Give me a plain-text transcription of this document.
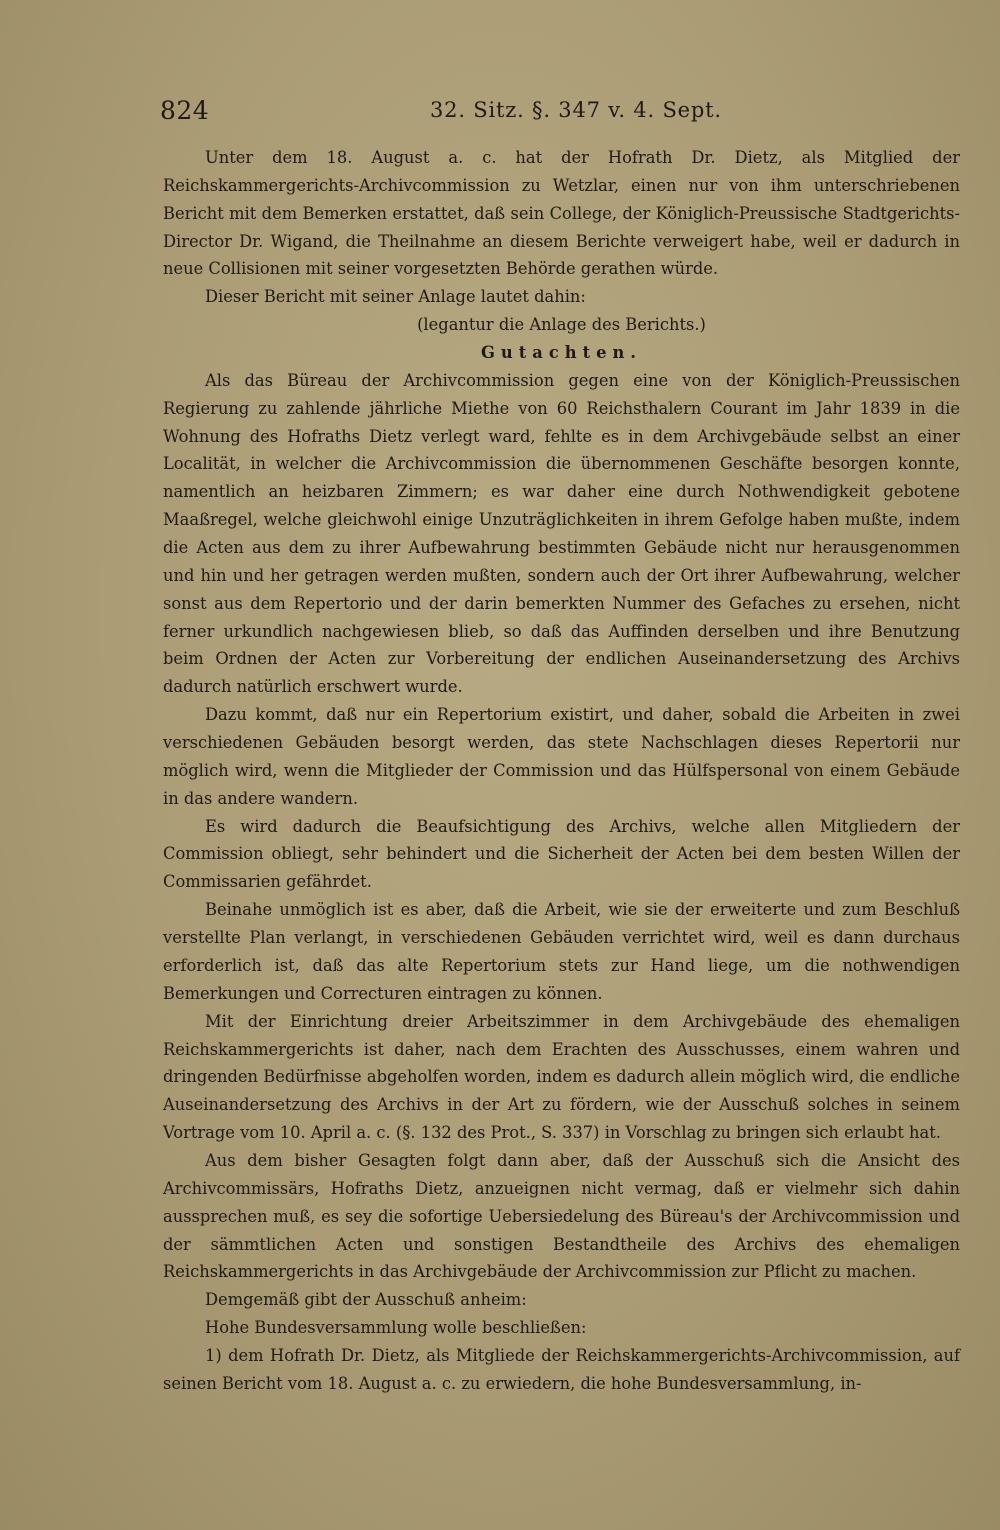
824	32. Sitz. §. 347 v. 4. Sept.

Unter dem 18. August a. c. hat der Hofrath Dr. Dietz, als Mitglied der Reichskammergerichts-Archivcommission zu Wetzlar, einen nur von ihm unterschriebenen Bericht mit dem Bemerken erstattet, daß sein College, der Königlich-Preussische Stadtgerichts-Director Dr. Wigand, die Theilnahme an diesem Berichte verweigert habe, weil er dadurch in neue Collisionen mit seiner vorgesetzten Behörde gerathen würde.

Dieser Bericht mit seiner Anlage lautet dahin:

(legantur die Anlage des Berichts.)

Gutachten.

Als das Büreau der Archivcommission gegen eine von der Königlich-Preussischen Regierung zu zahlende jährliche Miethe von 60 Reichsthalern Courant im Jahr 1839 in die Wohnung des Hofraths Dietz verlegt ward, fehlte es in dem Archivgebäude selbst an einer Localität, in welcher die Archivcommission die übernommenen Geschäfte besorgen konnte, namentlich an heizbaren Zimmern; es war daher eine durch Nothwendigkeit gebotene Maaßregel, welche gleichwohl einige Unzuträglichkeiten in ihrem Gefolge haben mußte, indem die Acten aus dem zu ihrer Aufbewahrung bestimmten Gebäude nicht nur herausgenommen und hin und her getragen werden mußten, sondern auch der Ort ihrer Aufbewahrung, welcher sonst aus dem Repertorio und der darin bemerkten Nummer des Gefaches zu ersehen, nicht ferner urkundlich nachgewiesen blieb, so daß das Auffinden derselben und ihre Benutzung beim Ordnen der Acten zur Vorbereitung der endlichen Auseinandersetzung des Archivs dadurch natürlich erschwert wurde.

Dazu kommt, daß nur ein Repertorium existirt, und daher, sobald die Arbeiten in zwei verschiedenen Gebäuden besorgt werden, das stete Nachschlagen dieses Repertorii nur möglich wird, wenn die Mitglieder der Commission und das Hülfspersonal von einem Gebäude in das andere wandern.

Es wird dadurch die Beaufsichtigung des Archivs, welche allen Mitgliedern der Commission obliegt, sehr behindert und die Sicherheit der Acten bei dem besten Willen der Commissarien gefährdet.

Beinahe unmöglich ist es aber, daß die Arbeit, wie sie der erweiterte und zum Beschluß verstellte Plan verlangt, in verschiedenen Gebäuden verrichtet wird, weil es dann durchaus erforderlich ist, daß das alte Repertorium stets zur Hand liege, um die nothwendigen Bemerkungen und Correcturen eintragen zu können.

Mit der Einrichtung dreier Arbeitszimmer in dem Archivgebäude des ehemaligen Reichskammergerichts ist daher, nach dem Erachten des Ausschusses, einem wahren und dringenden Bedürfnisse abgeholfen worden, indem es dadurch allein möglich wird, die endliche Auseinandersetzung des Archivs in der Art zu fördern, wie der Ausschuß solches in seinem Vortrage vom 10. April a. c. (§. 132 des Prot., S. 337) in Vorschlag zu bringen sich erlaubt hat.

Aus dem bisher Gesagten folgt dann aber, daß der Ausschuß sich die Ansicht des Archivcommissärs, Hofraths Dietz, anzueignen nicht vermag, daß er vielmehr sich dahin aussprechen muß, es sey die sofortige Uebersiedelung des Büreau's der Archivcommission und der sämmtlichen Acten und sonstigen Bestandtheile des Archivs des ehemaligen Reichskammergerichts in das Archivgebäude der Archivcommission zur Pflicht zu machen.

Demgemäß gibt der Ausschuß anheim:

Hohe Bundesversammlung wolle beschließen:

1) dem Hofrath Dr. Dietz, als Mitgliede der Reichskammergerichts-Archivcommission, auf seinen Bericht vom 18. August a. c. zu erwiedern, die hohe Bundesversammlung, in-
